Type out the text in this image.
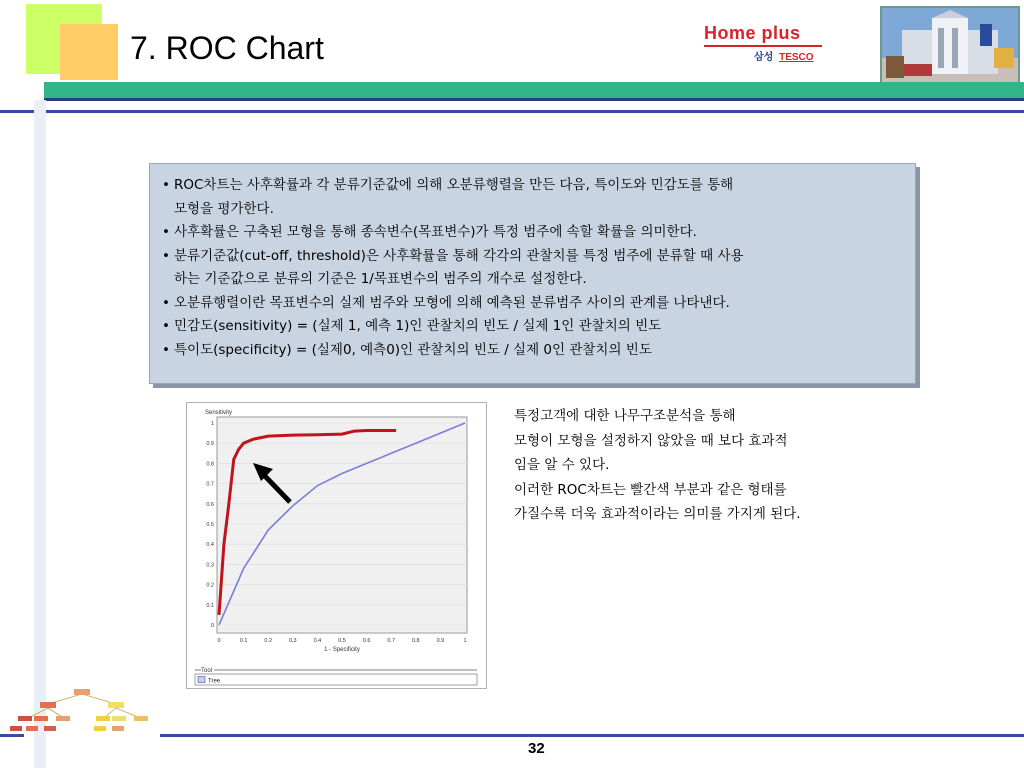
7. ROC Chart	Home plus
삼성 TESCO
• ROC차트는 사후확률과 각 분류기준값에 의해 오분류행렬을 만든 다음, 특이도와 민감도를 통해
모형을 평가한다.
• 사후확률은 구축된 모형을 통해 종속변수(목표변수)가 특정 범주에 속할 확률을 의미한다.
• 분류기준값(cut-off, threshold)은 사후확률을 통해 각각의 관찰치를 특정 범주에 분류할 때 사용
하는 기준값으로 분류의 기준은 1/목표변수의 범주의 개수로 설정한다.
• 오분류행렬이란 목표변수의 실제 범주와 모형에 의해 예측된 분류범주 사이의 관계를 나타낸다.
• 민감도(sensitivity) = (실제 1, 예측 1)인 관찰치의 빈도 / 실제 1인 관찰치의 빈도
• 특이도(specificity) = (실제0, 예측0)인 관찰치의 빈도 / 실제 0인 관찰치의 빈도
0
0.1
0.2
0.3
0.4
0.5
0.6
0.7
0.8
0.9
1
0	0.1	0.2	0.3	0.4	0.5	0.6	0.7	0.8	0.9	1
Sensitivity
1 - Specificity
Tool
Tree
특정고객에 대한 나무구조분석을 통해
모형이 모형을 설정하지 않았을 때 보다 효과적
임을 알 수 있다.
이러한 ROC차트는 빨간색 부분과 같은 형태를
가질수록 더욱 효과적이라는 의미를 가지게 된다.
32
